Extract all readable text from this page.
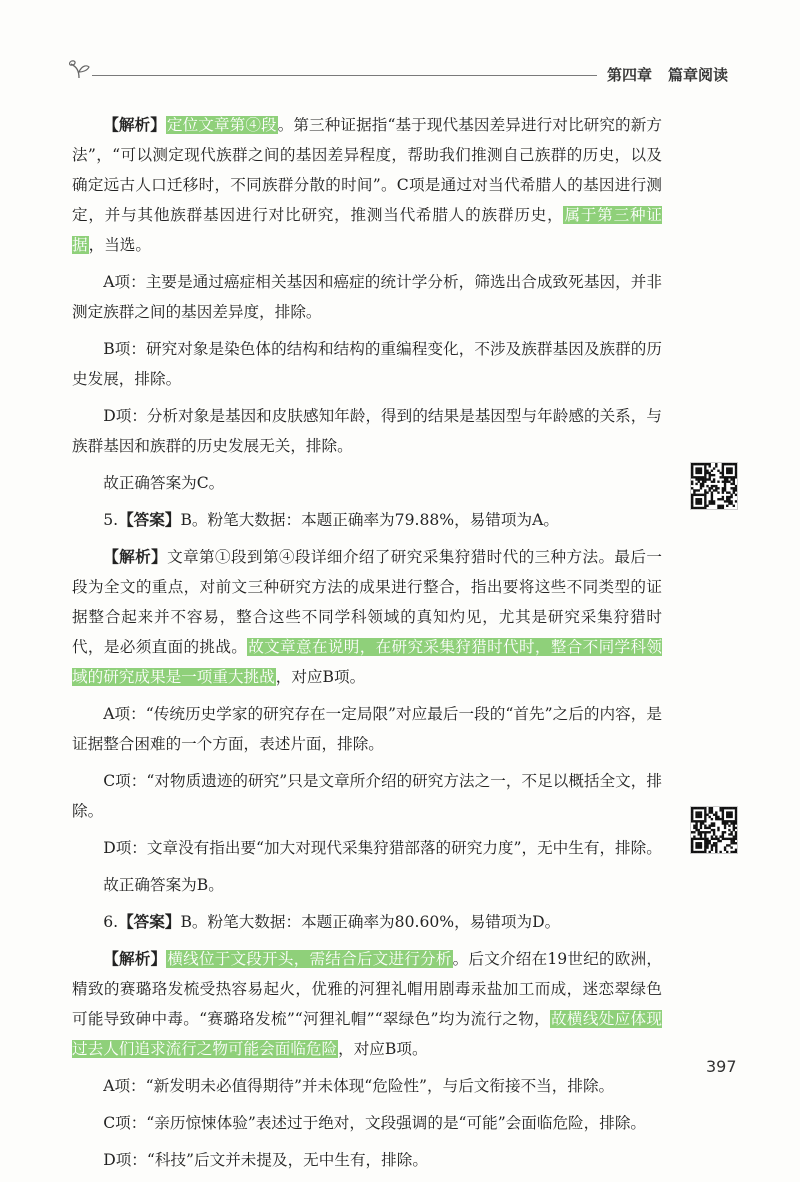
第四章 篇章阅读

【解析】定位文章第④段。第三种证据指“基于现代基因差异进行对比研究的新方法”，“可以测定现代族群之间的基因差异程度，帮助我们推测自己族群的历史，以及确定远古人口迁移时，不同族群分散的时间”。C项是通过对当代希腊人的基因进行测定，并与其他族群基因进行对比研究，推测当代希腊人的族群历史，属于第三种证据，当选。

A项：主要是通过癌症相关基因和癌症的统计学分析，筛选出合成致死基因，并非测定族群之间的基因差异度，排除。

B项：研究对象是染色体的结构和结构的重编程变化，不涉及族群基因及族群的历史发展，排除。

D项：分析对象是基因和皮肤感知年龄，得到的结果是基因型与年龄感的关系，与族群基因和族群的历史发展无关，排除。

故正确答案为C。

5.【答案】B。粉笔大数据：本题正确率为79.88%，易错项为A。

【解析】文章第①段到第④段详细介绍了研究采集狩猎时代的三种方法。最后一段为全文的重点，对前文三种研究方法的成果进行整合，指出要将这些不同类型的证据整合起来并不容易，整合这些不同学科领域的真知灼见，尤其是研究采集狩猎时代，是必须直面的挑战。故文章意在说明，在研究采集狩猎时代时，整合不同学科领域的研究成果是一项重大挑战，对应B项。

A项：“传统历史学家的研究存在一定局限”对应最后一段的“首先”之后的内容，是证据整合困难的一个方面，表述片面，排除。

C项：“对物质遗迹的研究”只是文章所介绍的研究方法之一，不足以概括全文，排除。

D项：文章没有指出要“加大对现代采集狩猎部落的研究力度”，无中生有，排除。

故正确答案为B。

6.【答案】B。粉笔大数据：本题正确率为80.60%，易错项为D。

【解析】横线位于文段开头，需结合后文进行分析。后文介绍在19世纪的欧洲，精致的赛璐珞发梳受热容易起火，优雅的河狸礼帽用剧毒汞盐加工而成，迷恋翠绿色可能导致砷中毒。“赛璐珞发梳”“河狸礼帽”“翠绿色”均为流行之物，故横线处应体现过去人们追求流行之物可能会面临危险，对应B项。

A项：“新发明未必值得期待”并未体现“危险性”，与后文衔接不当，排除。

C项：“亲历惊悚体验”表述过于绝对，文段强调的是“可能”会面临危险，排除。

D项：“科技”后文并未提及，无中生有，排除。

397
